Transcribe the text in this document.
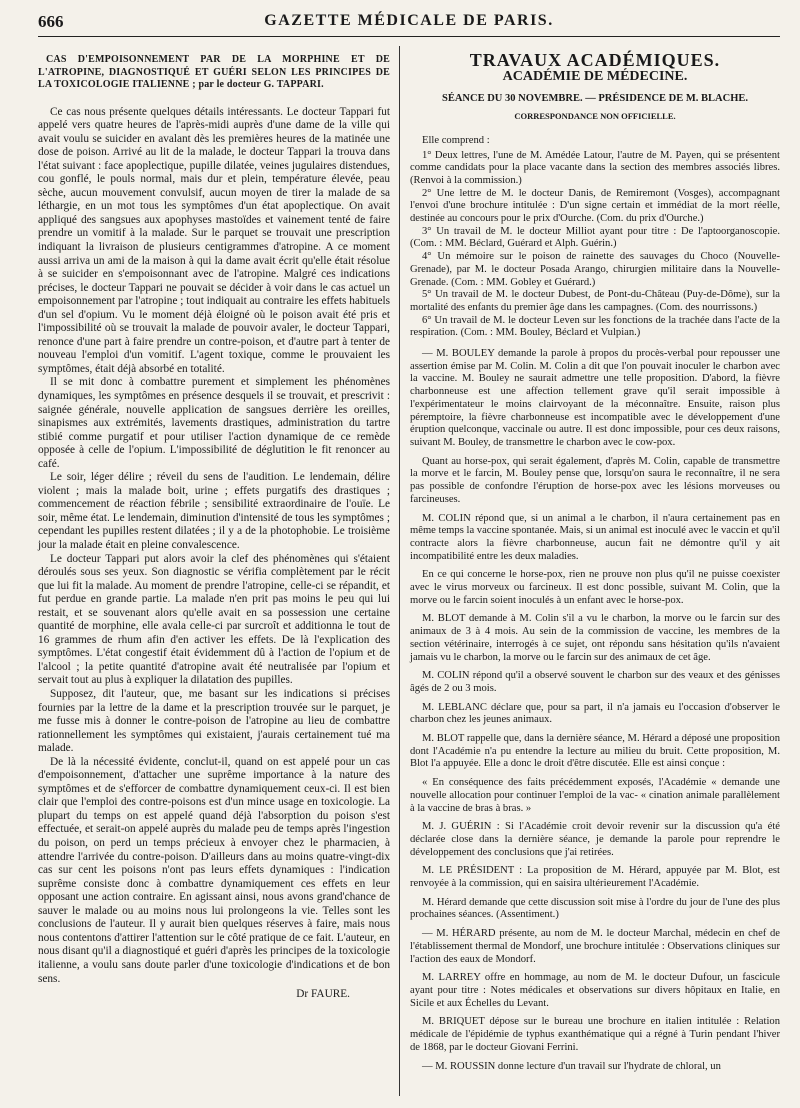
666	GAZETTE MÉDICALE DE PARIS.
CAS D'EMPOISONNEMENT PAR DE LA MORPHINE ET DE L'ATROPINE, DIAGNOSTIQUÉ ET GUÉRI SELON LES PRINCIPES DE LA TOXICOLOGIE ITALIENNE ; par le docteur G. TAPPARI.

Ce cas nous présente quelques détails intéressants. Le docteur Tappari fut appelé vers quatre heures de l'après-midi auprès d'une dame de la ville qui avait voulu se suicider en avalant dès les premières heures de la matinée une dose de poison. Arrivé au lit de la malade, le docteur Tappari la trouva dans l'état suivant : face apoplectique, pupille dilatée, veines jugulaires distendues, cou gonflé, le pouls normal, mais dur et plein, température élevée, peau sèche, aucun mouvement convulsif, aucun moyen de tirer la malade de sa léthargie, en un mot tous les symptômes d'un état apoplectique. On avait appliqué des sangsues aux apophyses mastoïdes et vainement tenté de faire prendre un vomitif à la malade. Sur le parquet se trouvait une prescription indiquant la livraison de plusieurs centigrammes d'atropine. A ce moment aussi arriva un ami de la maison à qui la dame avait écrit qu'elle était résolue à se suicider en s'empoisonnant avec de l'atropine. Malgré ces indications précises, le docteur Tappari ne pouvait se décider à voir dans le cas actuel un empoisonnement par l'atropine ; tout indiquait au contraire les effets habituels d'un sel d'opium. Vu le moment déjà éloigné où le poison avait été pris et l'impossibilité où se trouvait la malade de pouvoir avaler, le docteur Tappari, renonce d'une part à faire prendre un contre-poison, et d'autre part à tenter de nouveau l'emploi d'un vomitif. L'agent toxique, comme le prouvaient les symptômes, était déjà absorbé en totalité.

Il se mit donc à combattre purement et simplement les phénomènes dynamiques, les symptômes en présence desquels il se trouvait, et prescrivit : saignée générale, nouvelle application de sangsues derrière les oreilles, sinapismes aux extrémités, lavements drastiques, administration du tartre stibié comme purgatif et pour utiliser l'action dynamique de ce remède opposée à celle de l'opium. L'impossibilité de déglutition le fit renoncer au café.

Le soir, léger délire ; réveil du sens de l'audition. Le lendemain, délire violent ; mais la malade boit, urine ; effets purgatifs des drastiques ; commencement de réaction fébrile ; sensibilité extraordinaire de l'ouïe. Le soir, même état. Le lendemain, diminution d'intensité de tous les symptômes ; cependant les pupilles restent dilatées ; il y a de la photophobie. Le troisième jour la malade était en pleine convalescence.

Le docteur Tappari put alors avoir la clef des phénomènes qui s'étaient déroulés sous ses yeux. Son diagnostic se vérifia complètement par le récit que lui fit la malade. Au moment de prendre l'atropine, celle-ci se répandit, et fut perdue en grande partie. La malade n'en prit pas moins le peu qui lui restait, et se souvenant alors qu'elle avait en sa possession une certaine quantité de morphine, elle avala celle-ci par surcroît et additionna le tout de 16 grammes de rhum afin d'en activer les effets. De là l'explication des symptômes. L'état congestif était évidemment dû à l'action de l'opium et de l'alcool ; la petite quantité d'atropine avait été neutralisée par l'opium et servait tout au plus à expliquer la dilatation des pupilles.

Supposez, dit l'auteur, que, me basant sur les indications si précises fournies par la lettre de la dame et la prescription trouvée sur le parquet, je me fusse mis à donner le contre-poison de l'atropine au lieu de combattre rationnellement les symptômes qui existaient, j'aurais certainement tué ma malade.

De là la nécessité évidente, conclut-il, quand on est appelé pour un cas d'empoisonnement, d'attacher une suprême importance à la nature des symptômes et de s'efforcer de combattre dynamiquement ceux-ci. Il est bien clair que l'emploi des contre-poisons est d'un mince usage en toxicologie. La plupart du temps on est appelé quand déjà l'absorption du poison s'est effectuée, et serait-on appelé auprès du malade peu de temps après l'ingestion du poison, on perd un temps précieux à envoyer chez le pharmacien, à attendre l'arrivée du contre-poison. D'ailleurs dans au moins quatre-vingt-dix cas sur cent les poisons n'ont pas leurs effets dynamiques : l'indication suprême consiste donc à combattre dynamiquement ces effets en leur opposant une action contraire. En agissant ainsi, nous avons grand'chance de sauver le malade ou au moins nous lui prolongeons la vie. Telles sont les conclusions de l'auteur. Il y aurait bien quelques réserves à faire, mais nous nous contentons d'attirer l'attention sur le côté pratique de ce fait. L'auteur, en nous disant qu'il a diagnostiqué et guéri d'après les principes de la toxicologie italienne, a voulu sans doute parler d'une toxicologie d'indications et de bon sens.

Dr FAURE.
TRAVAUX ACADÉMIQUES.
ACADÉMIE DE MÉDECINE.
SÉANCE DU 30 NOVEMBRE. — PRÉSIDENCE DE M. BLACHE.
CORRESPONDANCE NON OFFICIELLE.
Elle comprend :

1° Deux lettres, l'une de M. Amédée Latour, l'autre de M. Payen, qui se présentent comme candidats pour la place vacante dans la section des membres associés libres. (Renvoi à la commission.)

2° Une lettre de M. le docteur Danis, de Remiremont (Vosges), accompagnant l'envoi d'une brochure intitulée : D'un signe certain et immédiat de la mort réelle, destinée au concours pour le prix d'Ourche. (Com. du prix d'Ourche.)

3° Un travail de M. le docteur Milliot ayant pour titre : De l'aptoorganoscopie. (Com. : MM. Béclard, Guérard et Alph. Guérin.)

4° Un mémoire sur le poison de rainette des sauvages du Choco (Nouvelle-Grenade), par M. le docteur Posada Arango, chirurgien militaire dans la Nouvelle-Grenade. (Com. : MM. Gobley et Guérard.)

5° Un travail de M. le docteur Dubest, de Pont-du-Château (Puy-de-Dôme), sur la mortalité des enfants du premier âge dans les campagnes. (Com. des nourrissons.)

6° Un travail de M. le docteur Leven sur les fonctions de la trachée dans l'acte de la respiration. (Com. : MM. Bouley, Béclard et Vulpian.)

— M. BOULEY demande la parole à propos du procès-verbal pour repousser une assertion émise par M. Colin. M. Colin a dit que l'on pouvait inoculer le charbon avec la vaccine. M. Bouley ne saurait admettre une telle proposition. D'abord, la fièvre charbonneuse est une affection tellement grave qu'il serait impossible à l'expérimentateur le moins clairvoyant de la méconnaître. Ensuite, raison plus péremptoire, la fièvre charbonneuse est incompatible avec le développement d'une éruption quelconque, vaccinale ou autre. Il est donc impossible, pour ces deux raisons, suivant M. Bouley, de transmettre le charbon avec le cow-pox.

Quant au horse-pox, qui serait également, d'après M. Colin, capable de transmettre la morve et le farcin, M. Bouley pense que, lorsqu'on saura le reconnaître, il ne sera pas possible de confondre l'éruption de horse-pox avec les lésions morveuses ou farcineuses.

M. COLIN répond que, si un animal a le charbon, il n'aura certainement pas en même temps la vaccine spontanée. Mais, si un animal est inoculé avec le vaccin et qu'il contracte alors la fièvre charbonneuse, aucun fait ne démontre qu'il y ait incompatibilité entre les deux maladies.

En ce qui concerne le horse-pox, rien ne prouve non plus qu'il ne puisse coexister avec le virus morveux ou farcineux. Il est donc possible, suivant M. Colin, que la morve ou le farcin soient inoculés à un enfant avec le horse-pox.

M. BLOT demande à M. Colin s'il a vu le charbon, la morve ou le farcin sur des animaux de 3 à 4 mois. Au sein de la commission de vaccine, les membres de la section vétérinaire, interrogés à ce sujet, ont répondu sans hésitation qu'ils n'avaient jamais vu le charbon, la morve ou le farcin sur des animaux de cet âge.

M. COLIN répond qu'il a observé souvent le charbon sur des veaux et des génisses âgés de 2 ou 3 mois.

M. LEBLANC déclare que, pour sa part, il n'a jamais eu l'occasion d'observer le charbon chez les jeunes animaux.

M. BLOT rappelle que, dans la dernière séance, M. Hérard a déposé une proposition dont l'Académie n'a pu entendre la lecture au milieu du bruit. Cette proposition, M. Blot l'a appuyée. Elle a donc le droit d'être discutée. Elle est ainsi conçue :

« En conséquence des faits précédemment exposés, l'Académie « demande une nouvelle allocation pour continuer l'emploi de la vac- « cination animale parallèlement à la vaccine de bras à bras. »

M. J. GUÉRIN : Si l'Académie croit devoir revenir sur la discussion qu'a été déclarée close dans la dernière séance, je demande la parole pour reprendre le développement des conclusions que j'ai retirées.

M. LE PRÉSIDENT : La proposition de M. Hérard, appuyée par M. Blot, est renvoyée à la commission, qui en saisira ultérieurement l'Académie.

M. Hérard demande que cette discussion soit mise à l'ordre du jour de l'une des plus prochaines séances. (Assentiment.)

— M. HÉRARD présente, au nom de M. le docteur Marchal, médecin en chef de l'établissement thermal de Mondorf, une brochure intitulée : Observations cliniques sur l'action des eaux de Mondorf.

M. LARREY offre en hommage, au nom de M. le docteur Dufour, un fascicule ayant pour titre : Notes médicales et observations sur divers hôpitaux en Italie, en Sicile et aux Échelles du Levant.

M. BRIQUET dépose sur le bureau une brochure en italien intitulée : Relation médicale de l'épidémie de typhus exanthématique qui a régné à Turin pendant l'hiver de 1868, par le docteur Giovani Ferrini.

— M. ROUSSIN donne lecture d'un travail sur l'hydrate de chloral, un
